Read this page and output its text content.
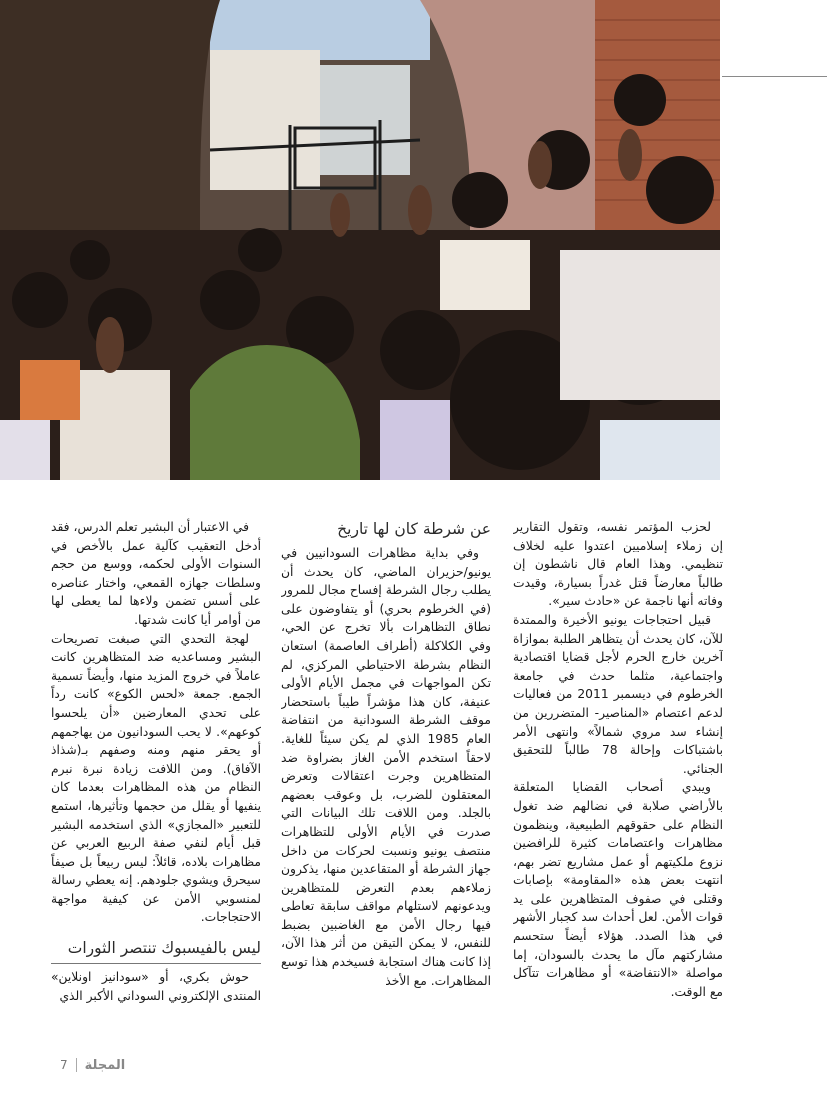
لحزب المؤتمر نفسه، وتقول التقارير إن زملاء إسلاميين اعتدوا عليه لخلاف تنظيمي. وهذا العام قال ناشطون إن طالباً معارضاً قتل غدراً بسيارة، وقيدت وفاته أنها ناجمة عن «حادث سير».

قبيل احتجاجات يونيو الأخيرة والممتدة للآن، كان يحدث أن يتظاهر الطلبة بموازاة آخرين خارج الحرم لأجل قضايا اقتصادية واجتماعية، مثلما حدث في جامعة الخرطوم في ديسمبر 2011 من فعاليات لدعم اعتصام «المناصير- المتضررين من إنشاء سد مروي شمالاً» وانتهى الأمر باشتباكات وإحالة 78 طالباً للتحقيق الجنائي.

ويبدي أصحاب القضايا المتعلقة بالأراضي صلابة في نضالهم ضد تغول النظام على حقوقهم الطبيعية، وينظمون مظاهرات واعتصامات كثيرة للرافضين نزوع ملكيتهم أو عمل مشاريع تضر بهم، انتهت بعض هذه «المقاومة» بإصابات وقتلى في صفوف المتظاهرين على يد قوات الأمن. لعل أحداث سد كجبار الأشهر في هذا الصدد. هؤلاء أيضاً ستحسم مشاركتهم مآل ما يحدث بالسودان، إما مواصلة «الانتفاضة» أو مظاهرات تتآكل مع الوقت.

عن شرطة كان لها تاريخ

وفي بداية مظاهرات السودانيين في يونيو/حزيران الماضي، كان يحدث أن يطلب رجال الشرطة إفساح مجال للمرور (في الخرطوم بحري) أو يتفاوضون على نطاق التظاهرات بألا تخرج عن الحي، وفي الكلاكلة (أطراف العاصمة) استعان النظام بشرطة الاحتياطي المركزي، لم تكن المواجهات في مجمل الأيام الأولى عنيفة، كان هذا مؤشراً طيباً باستحضار موقف الشرطة السودانية من انتفاضة العام 1985 الذي لم يكن سيئاً للغاية. لاحقاً استخدم الأمن الغاز بضراوة ضد المتظاهرين وجرت اعتقالات وتعرض المعتقلون للضرب، بل وعوقب بعضهم بالجلد. ومن اللافت تلك البيانات التي صدرت في الأيام الأولى للتظاهرات منتصف يونيو ونسبت لحركات من داخل جهاز الشرطة أو المتقاعدين منها، يذكرون زملاءهم بعدم التعرض للمتظاهرين ويدعونهم لاستلهام مواقف سابقة تعاطى فيها رجال الأمن مع الغاضبين بضبط للنفس، لا يمكن التيقن من أثر هذا الآن، إذا كانت هناك استجابة فسيخدم هذا توسع المظاهرات. مع الأخذ

في الاعتبار أن البشير تعلم الدرس، فقد أدخل التعقيب كآلية عمل بالأخص في السنوات الأولى لحكمه، ووسع من حجم وسلطات جهازه القمعي، واختار عناصره على أسس تضمن ولاءها لما يعطى لها من أوامر أيا كانت شدتها.

لهجة التحدي التي صبغت تصريحات البشير ومساعديه ضد المتظاهرين كانت عاملاً في خروج المزيد منها، وأيضاً تسمية الجمع. جمعة «لحس الكوع» كانت رداً على تحدي المعارضين «أن يلحسوا كوعهم». لا يحب السودانيون من يهاجمهم أو يحقر منهم ومنه وصفهم بـ(شذاذ الآفاق). ومن اللافت زيادة نبرة نبرم النظام من هذه المظاهرات بعدما كان ينفيها أو يقلل من حجمها وتأثيرها، استمع للتعبير «المجازي» الذي استخدمه البشير قبل أيام لنفي صفة الربيع العربي عن مظاهرات بلاده، قائلاً: ليس ربيعاً بل صيفاً سيحرق ويشوي جلودهم. إنه يعطي رسالة لمنسوبي الأمن عن كيفية مواجهة الاحتجاجات.

ليس بالفيسبوك تنتصر الثورات

حوش بكري، أو «سودانيز اونلاين» المنتدى الإلكتروني السوداني الأكبر الذي

7 المجلة
